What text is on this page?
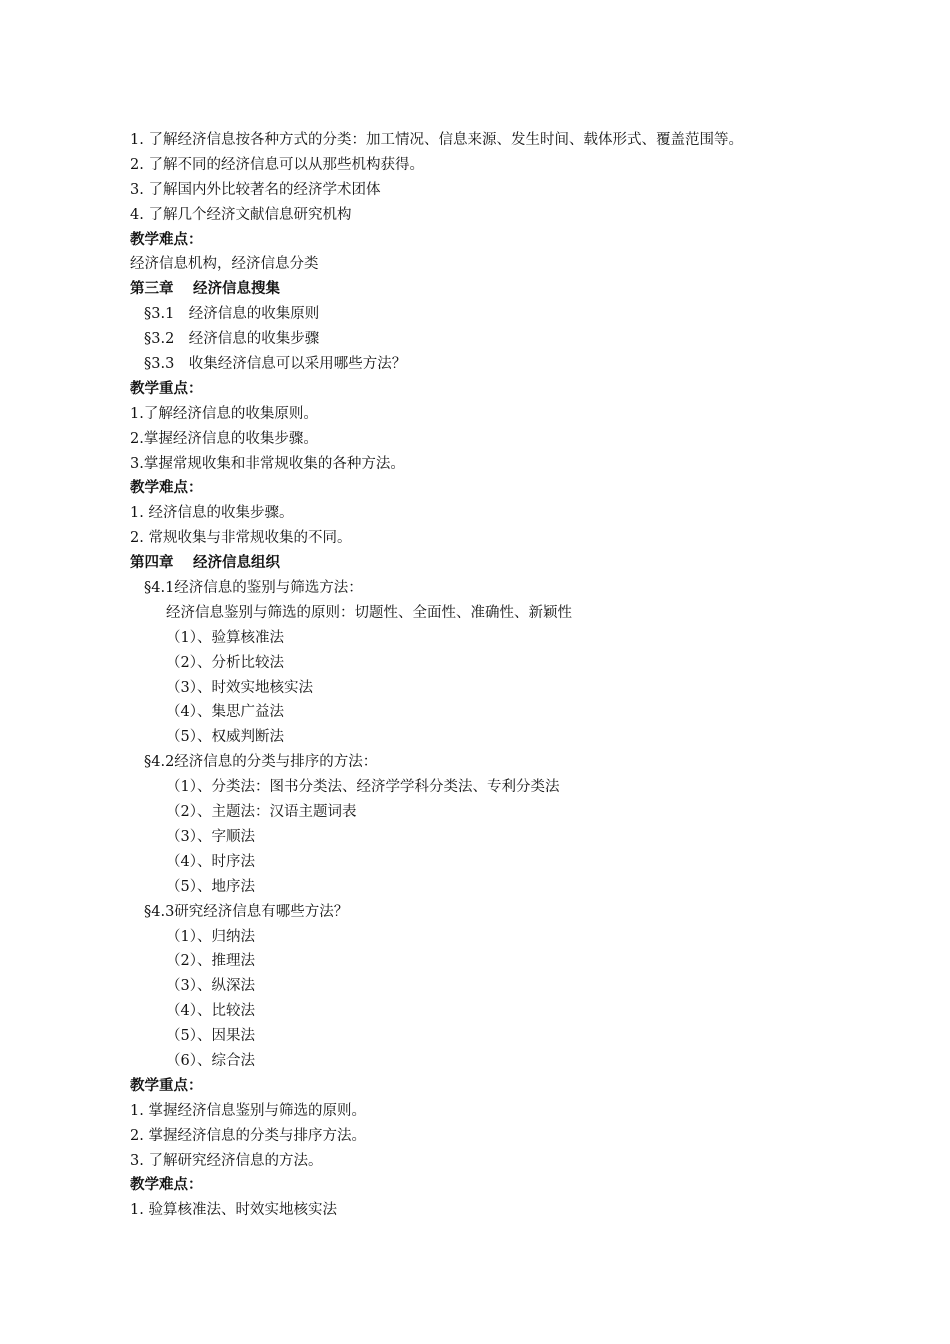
1. 了解经济信息按各种方式的分类：加工情况、信息来源、发生时间、载体形式、覆盖范围等。
2. 了解不同的经济信息可以从那些机构获得。
3. 了解国内外比较著名的经济学术团体
4. 了解几个经济文献信息研究机构
教学难点：
经济信息机构，经济信息分类
第三章　 经济信息搜集
§3.1　经济信息的收集原则
§3.2　经济信息的收集步骤
§3.3　收集经济信息可以采用哪些方法？
教学重点：
1.了解经济信息的收集原则。
2.掌握经济信息的收集步骤。
3.掌握常规收集和非常规收集的各种方法。
教学难点：
1. 经济信息的收集步骤。
2. 常规收集与非常规收集的不同。
第四章　 经济信息组织
§4.1经济信息的鉴别与筛选方法：
经济信息鉴别与筛选的原则：切题性、全面性、准确性、新颖性
（1）、验算核准法
（2）、分析比较法
（3）、时效实地核实法
（4）、集思广益法
（5）、权威判断法
§4.2经济信息的分类与排序的方法：
（1）、分类法：图书分类法、经济学学科分类法、专利分类法
（2）、主题法：汉语主题词表
（3）、字顺法
（4）、时序法
（5）、地序法
§4.3研究经济信息有哪些方法？
（1）、归纳法
（2）、推理法
（3）、纵深法
（4）、比较法
（5）、因果法
（6）、综合法
教学重点：
1. 掌握经济信息鉴别与筛选的原则。
2. 掌握经济信息的分类与排序方法。
3. 了解研究经济信息的方法。
教学难点：
1. 验算核准法、时效实地核实法
